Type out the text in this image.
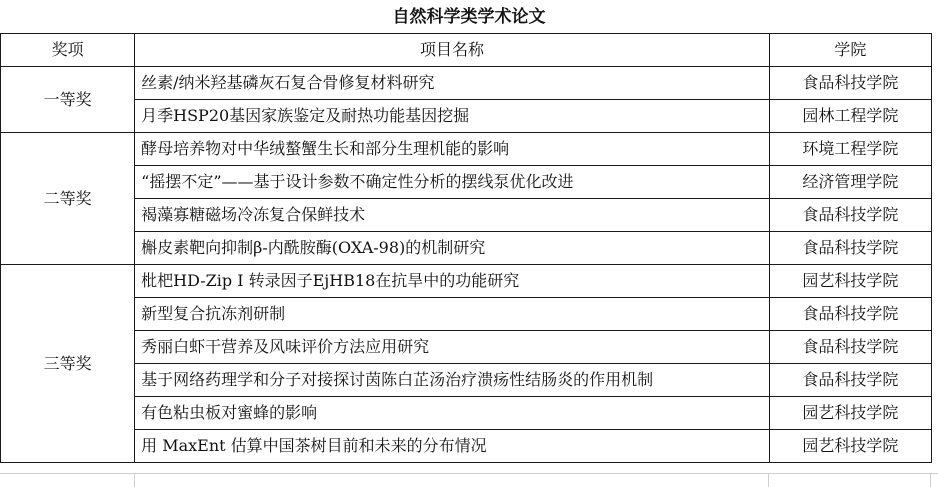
自然科学类学术论文
奖项	项目名称	学院
一等奖	丝素/纳米羟基磷灰石复合骨修复材料研究	食品科技学院
	月季HSP20基因家族鉴定及耐热功能基因挖掘	园林工程学院
二等奖	酵母培养物对中华绒螯蟹生长和部分生理机能的影响	环境工程学院
	“摇摆不定”——基于设计参数不确定性分析的摆线泵优化改进	经济管理学院
	褐藻寡糖磁场冷冻复合保鲜技术	食品科技学院
	槲皮素靶向抑制β-内酰胺酶(OXA-98)的机制研究	食品科技学院
三等奖	枇杷HD-Zip I 转录因子EjHB18在抗旱中的功能研究	园艺科技学院
	新型复合抗冻剂研制	食品科技学院
	秀丽白虾干营养及风味评价方法应用研究	食品科技学院
	基于网络药理学和分子对接探讨茵陈白芷汤治疗溃疡性结肠炎的作用机制	食品科技学院
	有色粘虫板对蜜蜂的影响	园艺科技学院
	用 MaxEnt 估算中国茶树目前和未来的分布情况	园艺科技学院
